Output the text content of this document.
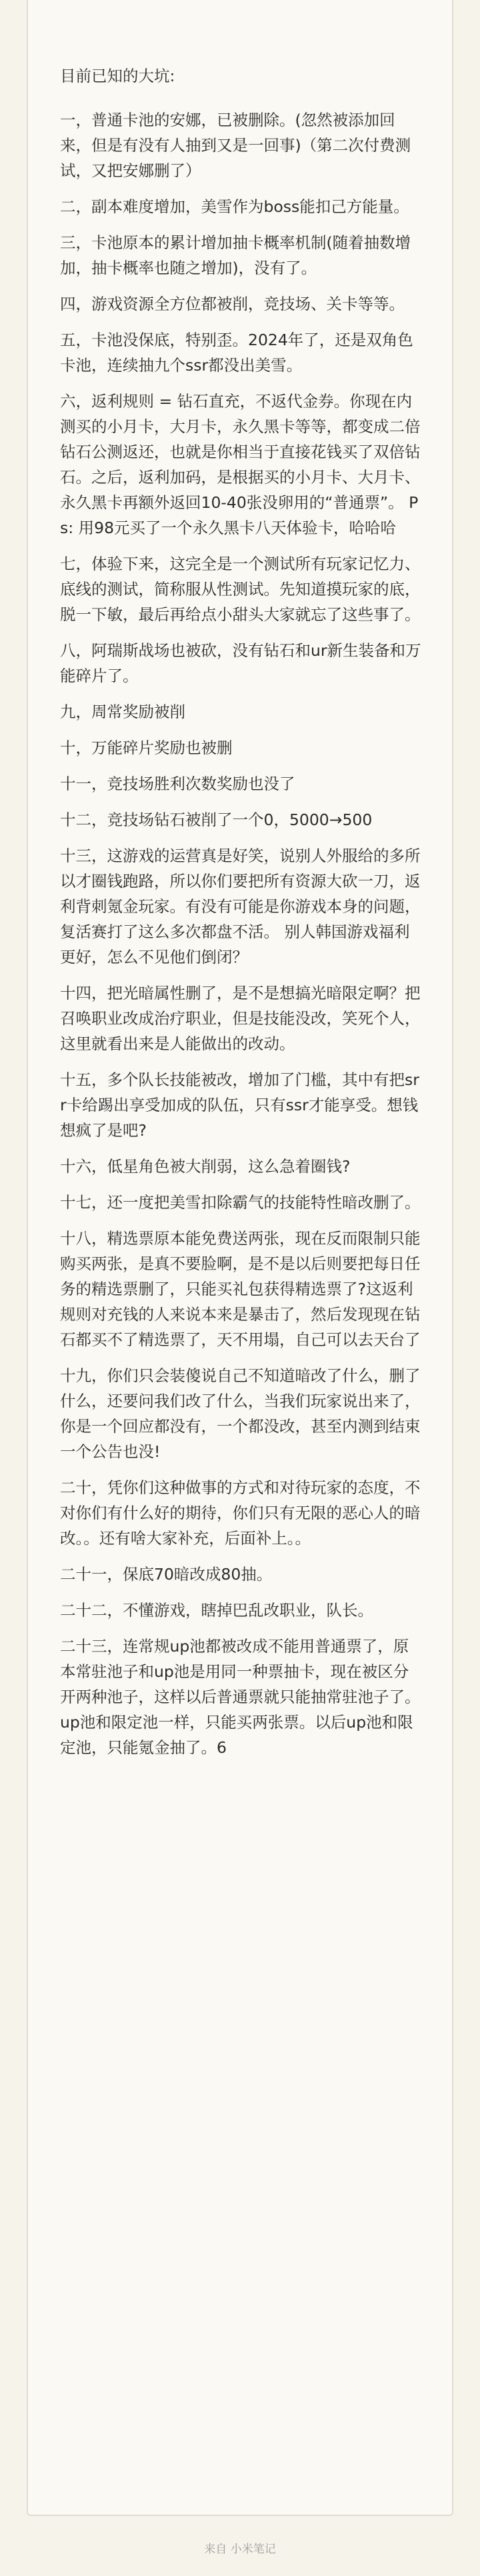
目前已知的大坑:

一，普通卡池的安娜，已被删除。(忽然被添加回来，但是有没有人抽到又是一回事)（第二次付费测试，又把安娜删了）

二，副本难度增加，美雪作为boss能扣己方能量。

三，卡池原本的累计增加抽卡概率机制(随着抽数增加，抽卡概率也随之增加)，没有了。

四，游戏资源全方位都被削，竞技场、关卡等等。

五，卡池没保底，特别歪。2024年了，还是双角色卡池，连续抽九个ssr都没出美雪。

六，返利规则 = 钻石直充，不返代金券。你现在内测买的小月卡，大月卡，永久黑卡等等，都变成二倍钻石公测返还，也就是你相当于直接花钱买了双倍钻石。之后，返利加码，是根据买的小月卡、大月卡、永久黑卡再额外返回10-40张没卵用的“普通票”。 Ps: 用98元买了一个永久黑卡八天体验卡，哈哈哈

七，体验下来，这完全是一个测试所有玩家记忆力、底线的测试，简称服从性测试。先知道摸玩家的底，脱一下敏，最后再给点小甜头大家就忘了这些事了。

八，阿瑞斯战场也被砍，没有钻石和ur新生装备和万能碎片了。

九，周常奖励被削

十，万能碎片奖励也被删

十一，竞技场胜利次数奖励也没了

十二，竞技场钻石被削了一个0，5000→500

十三，这游戏的运营真是好笑，说别人外服给的多所以才圈钱跑路，所以你们要把所有资源大砍一刀，返利背刺氪金玩家。有没有可能是你游戏本身的问题，复活赛打了这么多次都盘不活。 别人韩国游戏福利更好，怎么不见他们倒闭？

十四，把光暗属性删了，是不是想搞光暗限定啊？把召唤职业改成治疗职业，但是技能没改，笑死个人，这里就看出来是人能做出的改动。

十五，多个队长技能被改，增加了门槛，其中有把sr r卡给踢出享受加成的队伍，只有ssr才能享受。想钱想疯了是吧?

十六，低星角色被大削弱，这么急着圈钱?

十七，还一度把美雪扣除霸气的技能特性暗改删了。

十八，精选票原本能免费送两张，现在反而限制只能购买两张，是真不要脸啊，是不是以后则要把每日任务的精选票删了，只能买礼包获得精选票了?这返利规则对充钱的人来说本来是暴击了，然后发现现在钻石都买不了精选票了，天不用塌，自己可以去天台了

十九，你们只会装傻说自己不知道暗改了什么，删了什么，还要问我们改了什么，当我们玩家说出来了，你是一个回应都没有，一个都没改，甚至内测到结束一个公告也没!

二十，凭你们这种做事的方式和对待玩家的态度，不对你们有什么好的期待，你们只有无限的恶心人的暗改。。还有啥大家补充，后面补上。。

二十一，保底70暗改成80抽。

二十二，不懂游戏，瞎掉巴乱改职业，队长。

二十三，连常规up池都被改成不能用普通票了，原本常驻池子和up池是用同一种票抽卡，现在被区分开两种池子，这样以后普通票就只能抽常驻池子了。up池和限定池一样，只能买两张票。以后up池和限定池，只能氪金抽了。6

来自 小米笔记
